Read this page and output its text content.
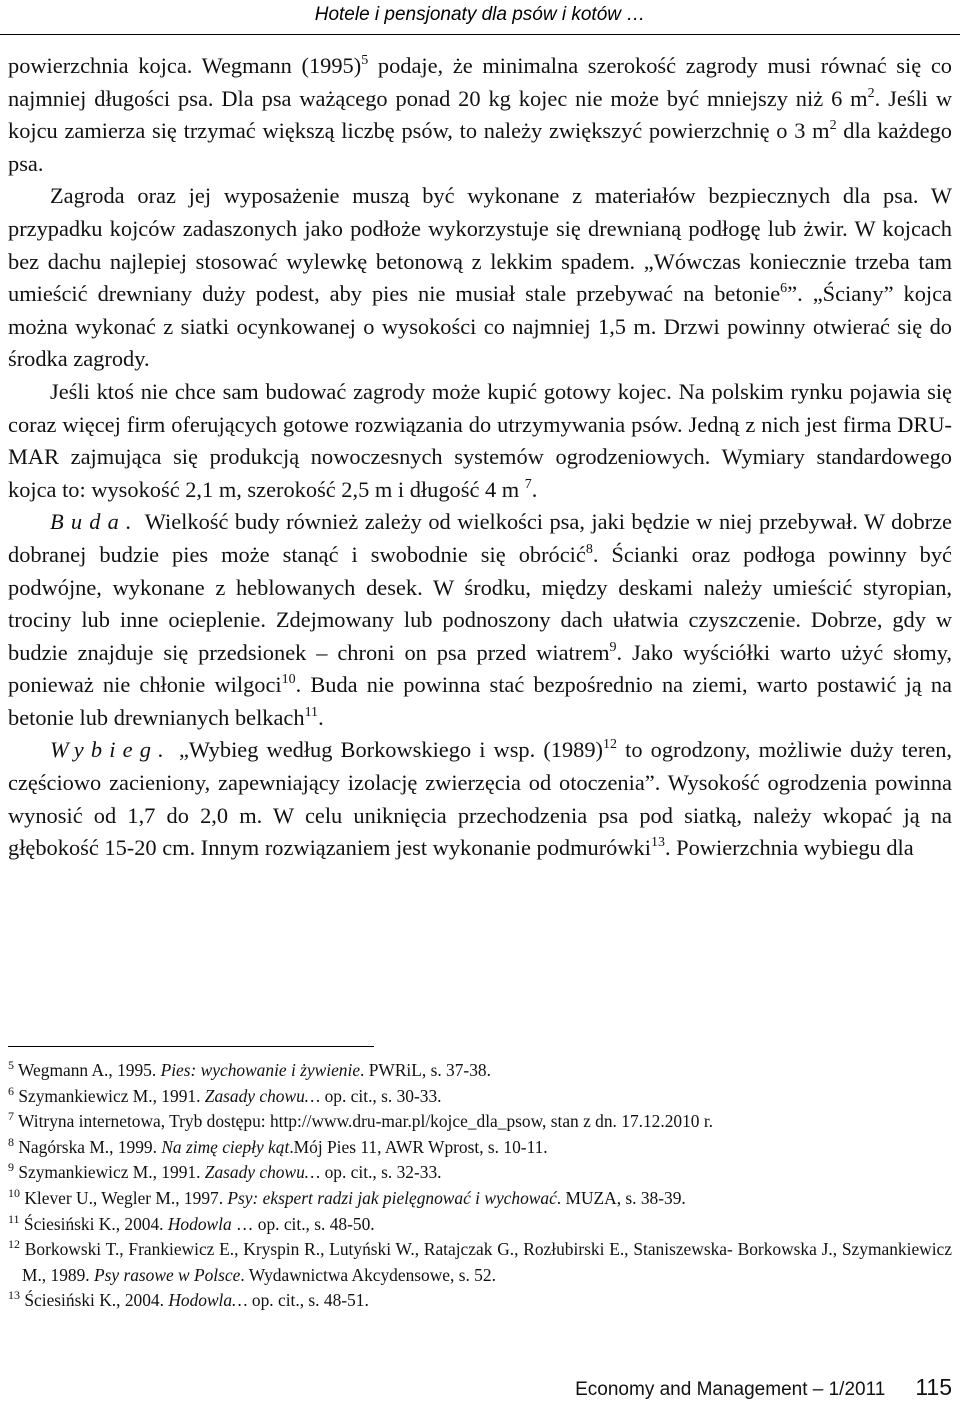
Hotele i pensjonaty dla psów i kotów …

powierzchnia kojca. Wegmann $(1995)^5$ podaje, że minimalna szerokość zagrody musi równać się co najmniej długości psa. Dla psa ważącego ponad 20 kg kojec nie może być mniejszy niż 6 $m^2$. Jeśli w kojcu zamierza się trzymać większą liczbę psów, to należy zwiększyć powierzchnię o 3 $m^2$ dla każdego psa.

Zagroda oraz jej wyposażenie muszą być wykonane z materiałów bezpiecznych dla psa. W przypadku kojców zadaszonych jako podłoże wykorzystuje się drewnianą podłogę lub żwir. W kojcach bez dachu najlepiej stosować wylewkę betonową z lekkim spadem. „Wówczas koniecznie trzeba tam umieścić drewniany duży podest, aby pies nie musiał stale przebywać na betonie$^6$”. „Ściany” kojca można wykonać z siatki ocynkowanej o wysokości co najmniej 1,5 m. Drzwi powinny otwierać się do środka zagrody.

Jeśli ktoś nie chce sam budować zagrody może kupić gotowy kojec. Na polskim rynku pojawia się coraz więcej firm oferujących gotowe rozwiązania do utrzymywania psów. Jedną z nich jest firma DRU-MAR zajmująca się produkcją nowoczesnych systemów ogrodzeniowych. Wymiary standardowego kojca to: wysokość 2,1 m, szerokość 2,5 m i długość 4 m $^7$.

Buda. Wielkość budy również zależy od wielkości psa, jaki będzie w niej przebywał. W dobrze dobranej budzie pies może stanąć i swobodnie się obrócić$^8$. Ścianki oraz podłoga powinny być podwójne, wykonane z heblowanych desek. W środku, między deskami należy umieścić styropian, trociny lub inne ocieplenie. Zdejmowany lub podnoszony dach ułatwia czyszczenie. Dobrze, gdy w budzie znajduje się przedsionek – chroni on psa przed wiatrem$^9$. Jako wyściółki warto użyć słomy, ponieważ nie chłonie wilgoci$^{10}$. Buda nie powinna stać bezpośrednio na ziemi, warto postawić ją na betonie lub drewnianych belkach$^{11}$.

Wybieg. „Wybieg według Borkowskiego i wsp. $(1989)^{12}$ to ogrodzony, możliwie duży teren, częściowo zacieniony, zapewniający izolację zwierzęcia od otoczenia”. Wysokość ogrodzenia powinna wynosić od 1,7 do 2,0 m. W celu uniknięcia przechodzenia psa pod siatką, należy wkopać ją na głębokość 15-20 cm. Innym rozwiązaniem jest wykonanie podmurówki$^{13}$. Powierzchnia wybiegu dla

$^5$ Wegmann A., 1995. Pies: wychowanie i żywienie. PWRiL, s. 37-38.

$^6$ Szymankiewicz M., 1991. Zasady chowu… op. cit., s. 30-33.

$^7$ Witryna internetowa, Tryb dostępu: http://www.dru-mar.pl/kojce_dla_psow, stan z dn. 17.12.2010 r.

$^8$ Nagórska M., 1999. Na zimę ciepły kąt.Mój Pies 11, AWR Wprost, s. 10-11.

$^9$ Szymankiewicz M., 1991. Zasady chowu… op. cit., s. 32-33.

$^{10}$ Klever U., Wegler M., 1997. Psy: ekspert radzi jak pielęgnować i wychować. MUZA, s. 38-39.

$^{11}$ Ściesiński K., 2004. Hodowla … op. cit., s. 48-50.

$^{12}$ Borkowski T., Frankiewicz E., Kryspin R., Lutyński W., Ratajczak G., Rozłubirski E., Staniszewska- Borkowska J., Szymankiewicz M., 1989. Psy rasowe w Polsce. Wydawnictwa Akcydensowe, s. 52.

$^{13}$ Ściesiński K., 2004. Hodowla… op. cit., s. 48-51.

Economy and Management – 1/2011 115
